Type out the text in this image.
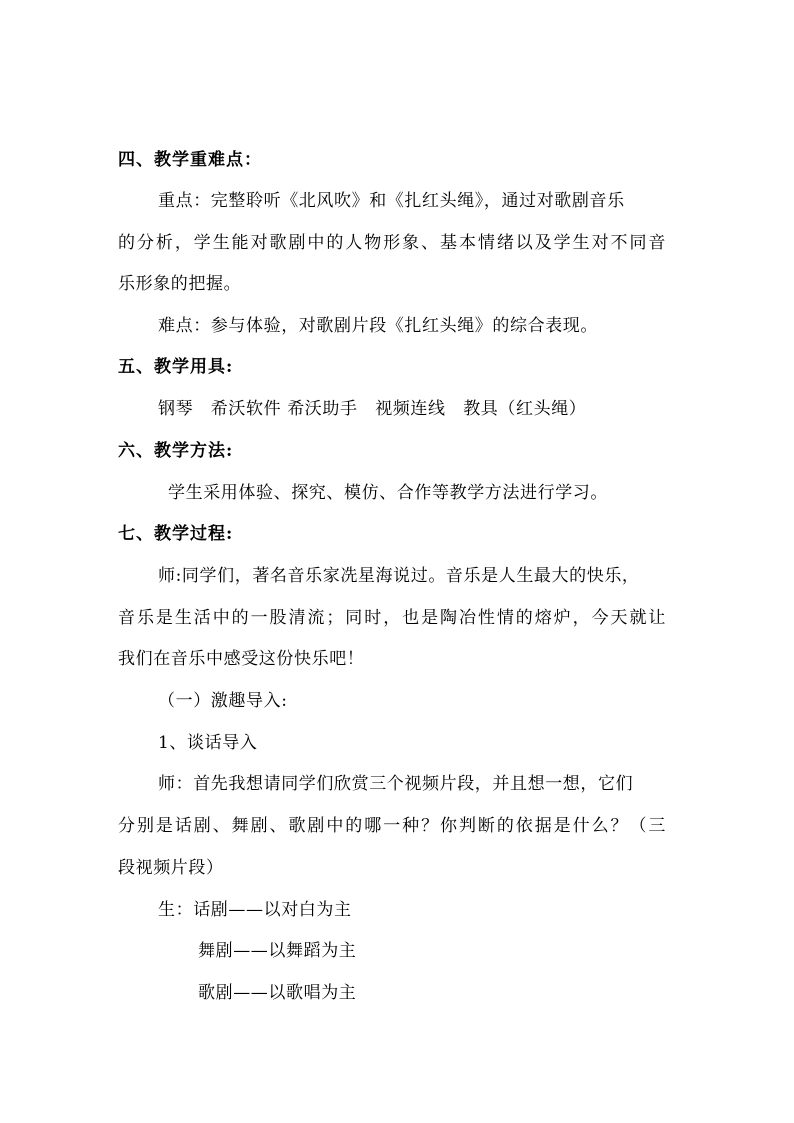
四、教学重难点：
重点：完整聆听《北风吹》和《扎红头绳》，通过对歌剧音乐
的分析，学生能对歌剧中的人物形象、基本情绪以及学生对不同音
乐形象的把握。
难点：参与体验，对歌剧片段《扎红头绳》的综合表现。
五、教学用具:
钢琴　希沃软件 希沃助手　视频连线　教具（红头绳）
六、教学方法:
学生采用体验、探究、模仿、合作等教学方法进行学习。
七、教学过程:
师:同学们，著名音乐家冼星海说过。音乐是人生最大的快乐，
音乐是生活中的一股清流；同时，也是陶冶性情的熔炉，今天就让
我们在音乐中感受这份快乐吧！
（一）激趣导入:
1、谈话导入
师：首先我想请同学们欣赏三个视频片段，并且想一想，它们
分别是话剧、舞剧、歌剧中的哪一种？你判断的依据是什么？（三
段视频片段）
生：话剧——以对白为主
舞剧——以舞蹈为主
歌剧——以歌唱为主
